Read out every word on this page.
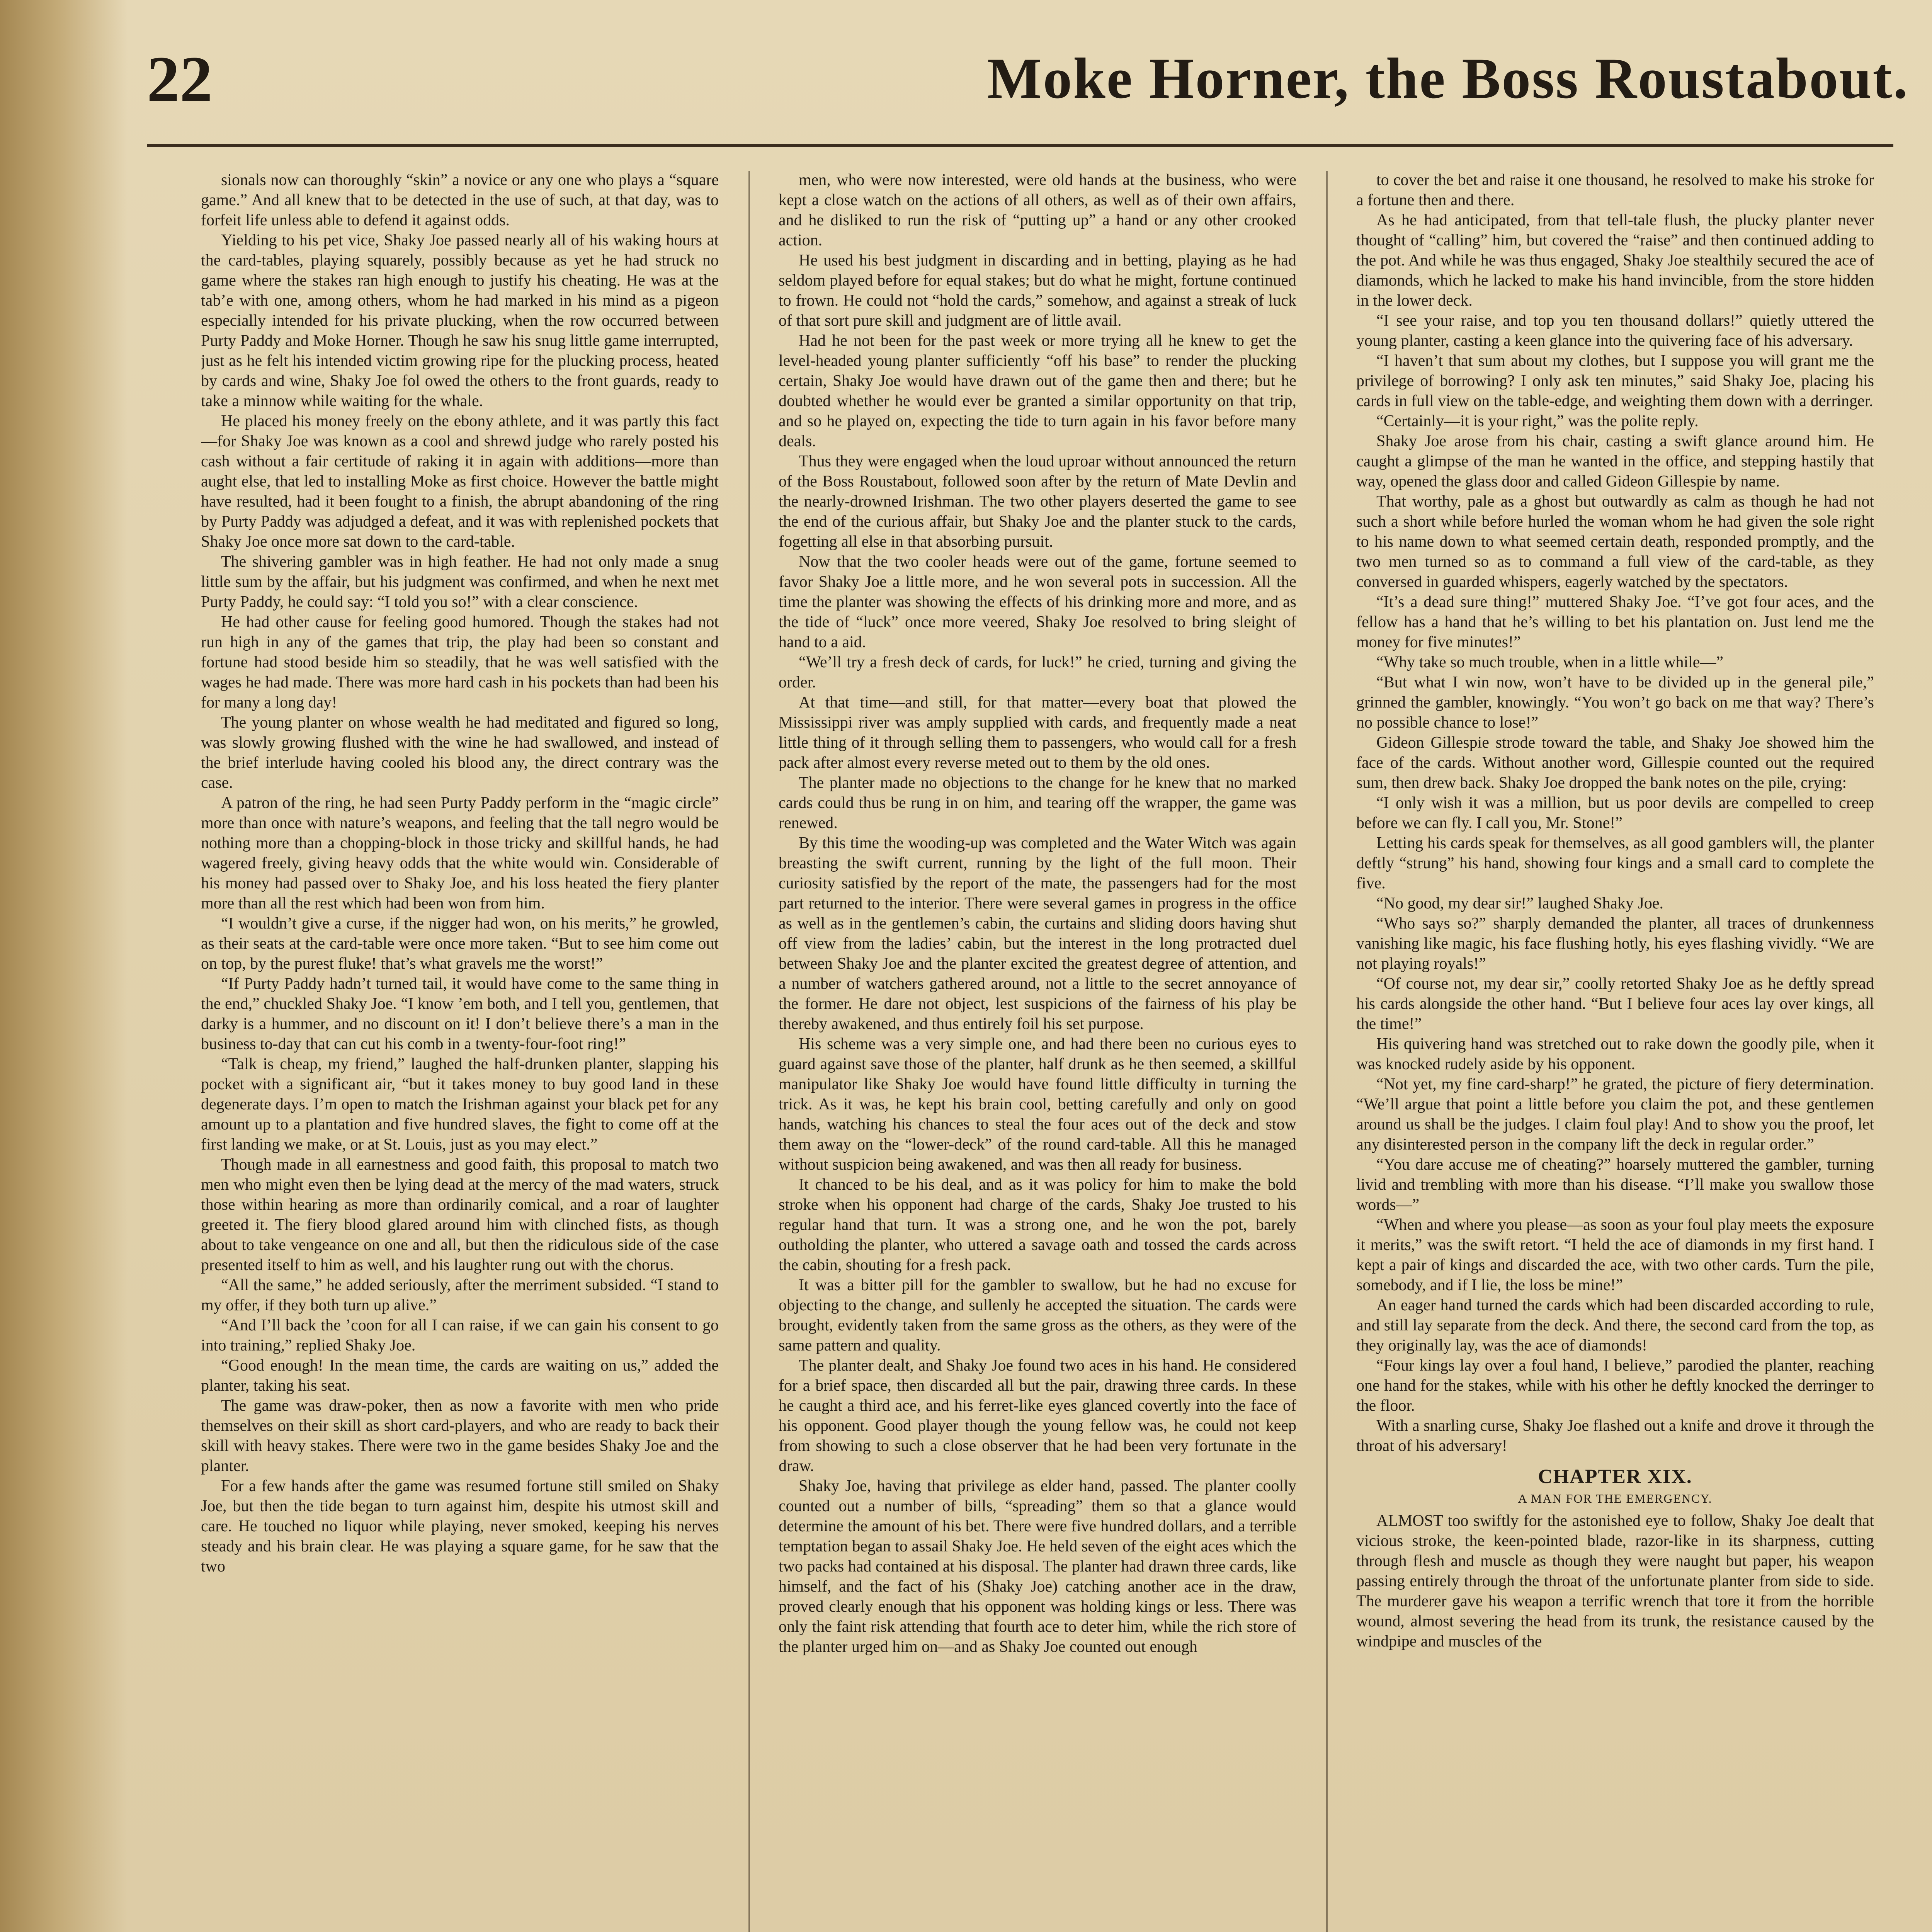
22	Moke Horner, the Boss Roustabout.

sionals now can thoroughly “skin” a novice or any one who plays a “square game.” And all knew that to be detected in the use of such, at that day, was to forfeit life unless able to defend it against odds.

Yielding to his pet vice, Shaky Joe passed nearly all of his waking hours at the card-tables, playing squarely, possibly because as yet he had struck no game where the stakes ran high enough to justify his cheating. He was at the tab’e with one, among others, whom he had marked in his mind as a pigeon especially intended for his private plucking, when the row occurred between Purty Paddy and Moke Horner. Though he saw his snug little game interrupted, just as he felt his intended victim growing ripe for the plucking process, heated by cards and wine, Shaky Joe fol owed the others to the front guards, ready to take a minnow while waiting for the whale.

He placed his money freely on the ebony athlete, and it was partly this fact—for Shaky Joe was known as a cool and shrewd judge who rarely posted his cash without a fair certitude of raking it in again with additions—more than aught else, that led to installing Moke as first choice. However the battle might have resulted, had it been fought to a finish, the abrupt abandoning of the ring by Purty Paddy was adjudged a defeat, and it was with replenished pockets that Shaky Joe once more sat down to the card-table.

The shivering gambler was in high feather. He had not only made a snug little sum by the affair, but his judgment was confirmed, and when he next met Purty Paddy, he could say: “I told you so!” with a clear conscience.

He had other cause for feeling good humored. Though the stakes had not run high in any of the games that trip, the play had been so constant and fortune had stood beside him so steadily, that he was well satisfied with the wages he had made. There was more hard cash in his pockets than had been his for many a long day!

The young planter on whose wealth he had meditated and figured so long, was slowly growing flushed with the wine he had swallowed, and instead of the brief interlude having cooled his blood any, the direct contrary was the case.

A patron of the ring, he had seen Purty Paddy perform in the “magic circle” more than once with nature’s weapons, and feeling that the tall negro would be nothing more than a chopping-block in those tricky and skillful hands, he had wagered freely, giving heavy odds that the white would win. Considerable of his money had passed over to Shaky Joe, and his loss heated the fiery planter more than all the rest which had been won from him.

“I wouldn’t give a curse, if the nigger had won, on his merits,” he growled, as their seats at the card-table were once more taken. “But to see him come out on top, by the purest fluke! that’s what gravels me the worst!”

“If Purty Paddy hadn’t turned tail, it would have come to the same thing in the end,” chuckled Shaky Joe. “I know ’em both, and I tell you, gentlemen, that darky is a hummer, and no discount on it! I don’t believe there’s a man in the business to-day that can cut his comb in a twenty-four-foot ring!”

“Talk is cheap, my friend,” laughed the half-drunken planter, slapping his pocket with a significant air, “but it takes money to buy good land in these degenerate days. I’m open to match the Irishman against your black pet for any amount up to a plantation and five hundred slaves, the fight to come off at the first landing we make, or at St. Louis, just as you may elect.”

Though made in all earnestness and good faith, this proposal to match two men who might even then be lying dead at the mercy of the mad waters, struck those within hearing as more than ordinarily comical, and a roar of laughter greeted it. The fiery blood glared around him with clinched fists, as though about to take vengeance on one and all, but then the ridiculous side of the case presented itself to him as well, and his laughter rung out with the chorus.

“All the same,” he added seriously, after the merriment subsided. “I stand to my offer, if they both turn up alive.”

“And I’ll back the ’coon for all I can raise, if we can gain his consent to go into training,” replied Shaky Joe.

“Good enough! In the mean time, the cards are waiting on us,” added the planter, taking his seat.

The game was draw-poker, then as now a favorite with men who pride themselves on their skill as short card-players, and who are ready to back their skill with heavy stakes. There were two in the game besides Shaky Joe and the planter.

For a few hands after the game was resumed fortune still smiled on Shaky Joe, but then the tide began to turn against him, despite his utmost skill and care. He touched no liquor while playing, never smoked, keeping his nerves steady and his brain clear. He was playing a square game, for he saw that the two

men, who were now interested, were old hands at the business, who were kept a close watch on the actions of all others, as well as of their own affairs, and he disliked to run the risk of “putting up” a hand or any other crooked action.

He used his best judgment in discarding and in betting, playing as he had seldom played before for equal stakes; but do what he might, fortune continued to frown. He could not “hold the cards,” somehow, and against a streak of luck of that sort pure skill and judgment are of little avail.

Had he not been for the past week or more trying all he knew to get the level-headed young planter sufficiently “off his base” to render the plucking certain, Shaky Joe would have drawn out of the game then and there; but he doubted whether he would ever be granted a similar opportunity on that trip, and so he played on, expecting the tide to turn again in his favor before many deals.

Thus they were engaged when the loud uproar without announced the return of the Boss Roustabout, followed soon after by the return of Mate Devlin and the nearly-drowned Irishman. The two other players deserted the game to see the end of the curious affair, but Shaky Joe and the planter stuck to the cards, fogetting all else in that absorbing pursuit.

Now that the two cooler heads were out of the game, fortune seemed to favor Shaky Joe a little more, and he won several pots in succession. All the time the planter was showing the effects of his drinking more and more, and as the tide of “luck” once more veered, Shaky Joe resolved to bring sleight of hand to a aid.

“We’ll try a fresh deck of cards, for luck!” he cried, turning and giving the order.

At that time—and still, for that matter—every boat that plowed the Mississippi river was amply supplied with cards, and frequently made a neat little thing of it through selling them to passengers, who would call for a fresh pack after almost every reverse meted out to them by the old ones.

The planter made no objections to the change for he knew that no marked cards could thus be rung in on him, and tearing off the wrapper, the game was renewed.

By this time the wooding-up was completed and the Water Witch was again breasting the swift current, running by the light of the full moon. Their curiosity satisfied by the report of the mate, the passengers had for the most part returned to the interior. There were several games in progress in the office as well as in the gentlemen’s cabin, the curtains and sliding doors having shut off view from the ladies’ cabin, but the interest in the long protracted duel between Shaky Joe and the planter excited the greatest degree of attention, and a number of watchers gathered around, not a little to the secret annoyance of the former. He dare not object, lest suspicions of the fairness of his play be thereby awakened, and thus entirely foil his set purpose.

His scheme was a very simple one, and had there been no curious eyes to guard against save those of the planter, half drunk as he then seemed, a skillful manipulator like Shaky Joe would have found little difficulty in turning the trick. As it was, he kept his brain cool, betting carefully and only on good hands, watching his chances to steal the four aces out of the deck and stow them away on the “lower-deck” of the round card-table. All this he managed without suspicion being awakened, and was then all ready for business.

It chanced to be his deal, and as it was policy for him to make the bold stroke when his opponent had charge of the cards, Shaky Joe trusted to his regular hand that turn. It was a strong one, and he won the pot, barely outholding the planter, who uttered a savage oath and tossed the cards across the cabin, shouting for a fresh pack.

It was a bitter pill for the gambler to swallow, but he had no excuse for objecting to the change, and sullenly he accepted the situation. The cards were brought, evidently taken from the same gross as the others, as they were of the same pattern and quality.

The planter dealt, and Shaky Joe found two aces in his hand. He considered for a brief space, then discarded all but the pair, drawing three cards. In these he caught a third ace, and his ferret-like eyes glanced covertly into the face of his opponent. Good player though the young fellow was, he could not keep from showing to such a close observer that he had been very fortunate in the draw.

Shaky Joe, having that privilege as elder hand, passed. The planter coolly counted out a number of bills, “spreading” them so that a glance would determine the amount of his bet. There were five hundred dollars, and a terrible temptation began to assail Shaky Joe. He held seven of the eight aces which the two packs had contained at his disposal. The planter had drawn three cards, like himself, and the fact of his (Shaky Joe) catching another ace in the draw, proved clearly enough that his opponent was holding kings or less. There was only the faint risk attending that fourth ace to deter him, while the rich store of the planter urged him on—and as Shaky Joe counted out enough

to cover the bet and raise it one thousand, he resolved to make his stroke for a fortune then and there.

As he had anticipated, from that tell-tale flush, the plucky planter never thought of “calling” him, but covered the “raise” and then continued adding to the pot. And while he was thus engaged, Shaky Joe stealthily secured the ace of diamonds, which he lacked to make his hand invincible, from the store hidden in the lower deck.

“I see your raise, and top you ten thousand dollars!” quietly uttered the young planter, casting a keen glance into the quivering face of his adversary.

“I haven’t that sum about my clothes, but I suppose you will grant me the privilege of borrowing? I only ask ten minutes,” said Shaky Joe, placing his cards in full view on the table-edge, and weighting them down with a derringer.

“Certainly—it is your right,” was the polite reply.

Shaky Joe arose from his chair, casting a swift glance around him. He caught a glimpse of the man he wanted in the office, and stepping hastily that way, opened the glass door and called Gideon Gillespie by name.

That worthy, pale as a ghost but outwardly as calm as though he had not such a short while before hurled the woman whom he had given the sole right to his name down to what seemed certain death, responded promptly, and the two men turned so as to command a full view of the card-table, as they conversed in guarded whispers, eagerly watched by the spectators.

“It’s a dead sure thing!” muttered Shaky Joe. “I’ve got four aces, and the fellow has a hand that he’s willing to bet his plantation on. Just lend me the money for five minutes!”

“Why take so much trouble, when in a little while—”

“But what I win now, won’t have to be divided up in the general pile,” grinned the gambler, knowingly. “You won’t go back on me that way? There’s no possible chance to lose!”

Gideon Gillespie strode toward the table, and Shaky Joe showed him the face of the cards. Without another word, Gillespie counted out the required sum, then drew back. Shaky Joe dropped the bank notes on the pile, crying:

“I only wish it was a million, but us poor devils are compelled to creep before we can fly. I call you, Mr. Stone!”

Letting his cards speak for themselves, as all good gamblers will, the planter deftly “strung” his hand, showing four kings and a small card to complete the five.

“No good, my dear sir!” laughed Shaky Joe.

“Who says so?” sharply demanded the planter, all traces of drunkenness vanishing like magic, his face flushing hotly, his eyes flashing vividly. “We are not playing royals!”

“Of course not, my dear sir,” coolly retorted Shaky Joe as he deftly spread his cards alongside the other hand. “But I believe four aces lay over kings, all the time!”

His quivering hand was stretched out to rake down the goodly pile, when it was knocked rudely aside by his opponent.

“Not yet, my fine card-sharp!” he grated, the picture of fiery determination. “We’ll argue that point a little before you claim the pot, and these gentlemen around us shall be the judges. I claim foul play! And to show you the proof, let any disinterested person in the company lift the deck in regular order.”

“You dare accuse me of cheating?” hoarsely muttered the gambler, turning livid and trembling with more than his disease. “I’ll make you swallow those words—”

“When and where you please—as soon as your foul play meets the exposure it merits,” was the swift retort. “I held the ace of diamonds in my first hand. I kept a pair of kings and discarded the ace, with two other cards. Turn the pile, somebody, and if I lie, the loss be mine!”

An eager hand turned the cards which had been discarded according to rule, and still lay separate from the deck. And there, the second card from the top, as they originally lay, was the ace of diamonds!

“Four kings lay over a foul hand, I believe,” parodied the planter, reaching one hand for the stakes, while with his other he deftly knocked the derringer to the floor.

With a snarling curse, Shaky Joe flashed out a knife and drove it through the throat of his adversary!

CHAPTER XIX.
A MAN FOR THE EMERGENCY.

ALMOST too swiftly for the astonished eye to follow, Shaky Joe dealt that vicious stroke, the keen-pointed blade, razor-like in its sharpness, cutting through flesh and muscle as though they were naught but paper, his weapon passing entirely through the throat of the unfortunate planter from side to side. The murderer gave his weapon a terrific wrench that tore it from the horrible wound, almost severing the head from its trunk, the resistance caused by the windpipe and muscles of the
